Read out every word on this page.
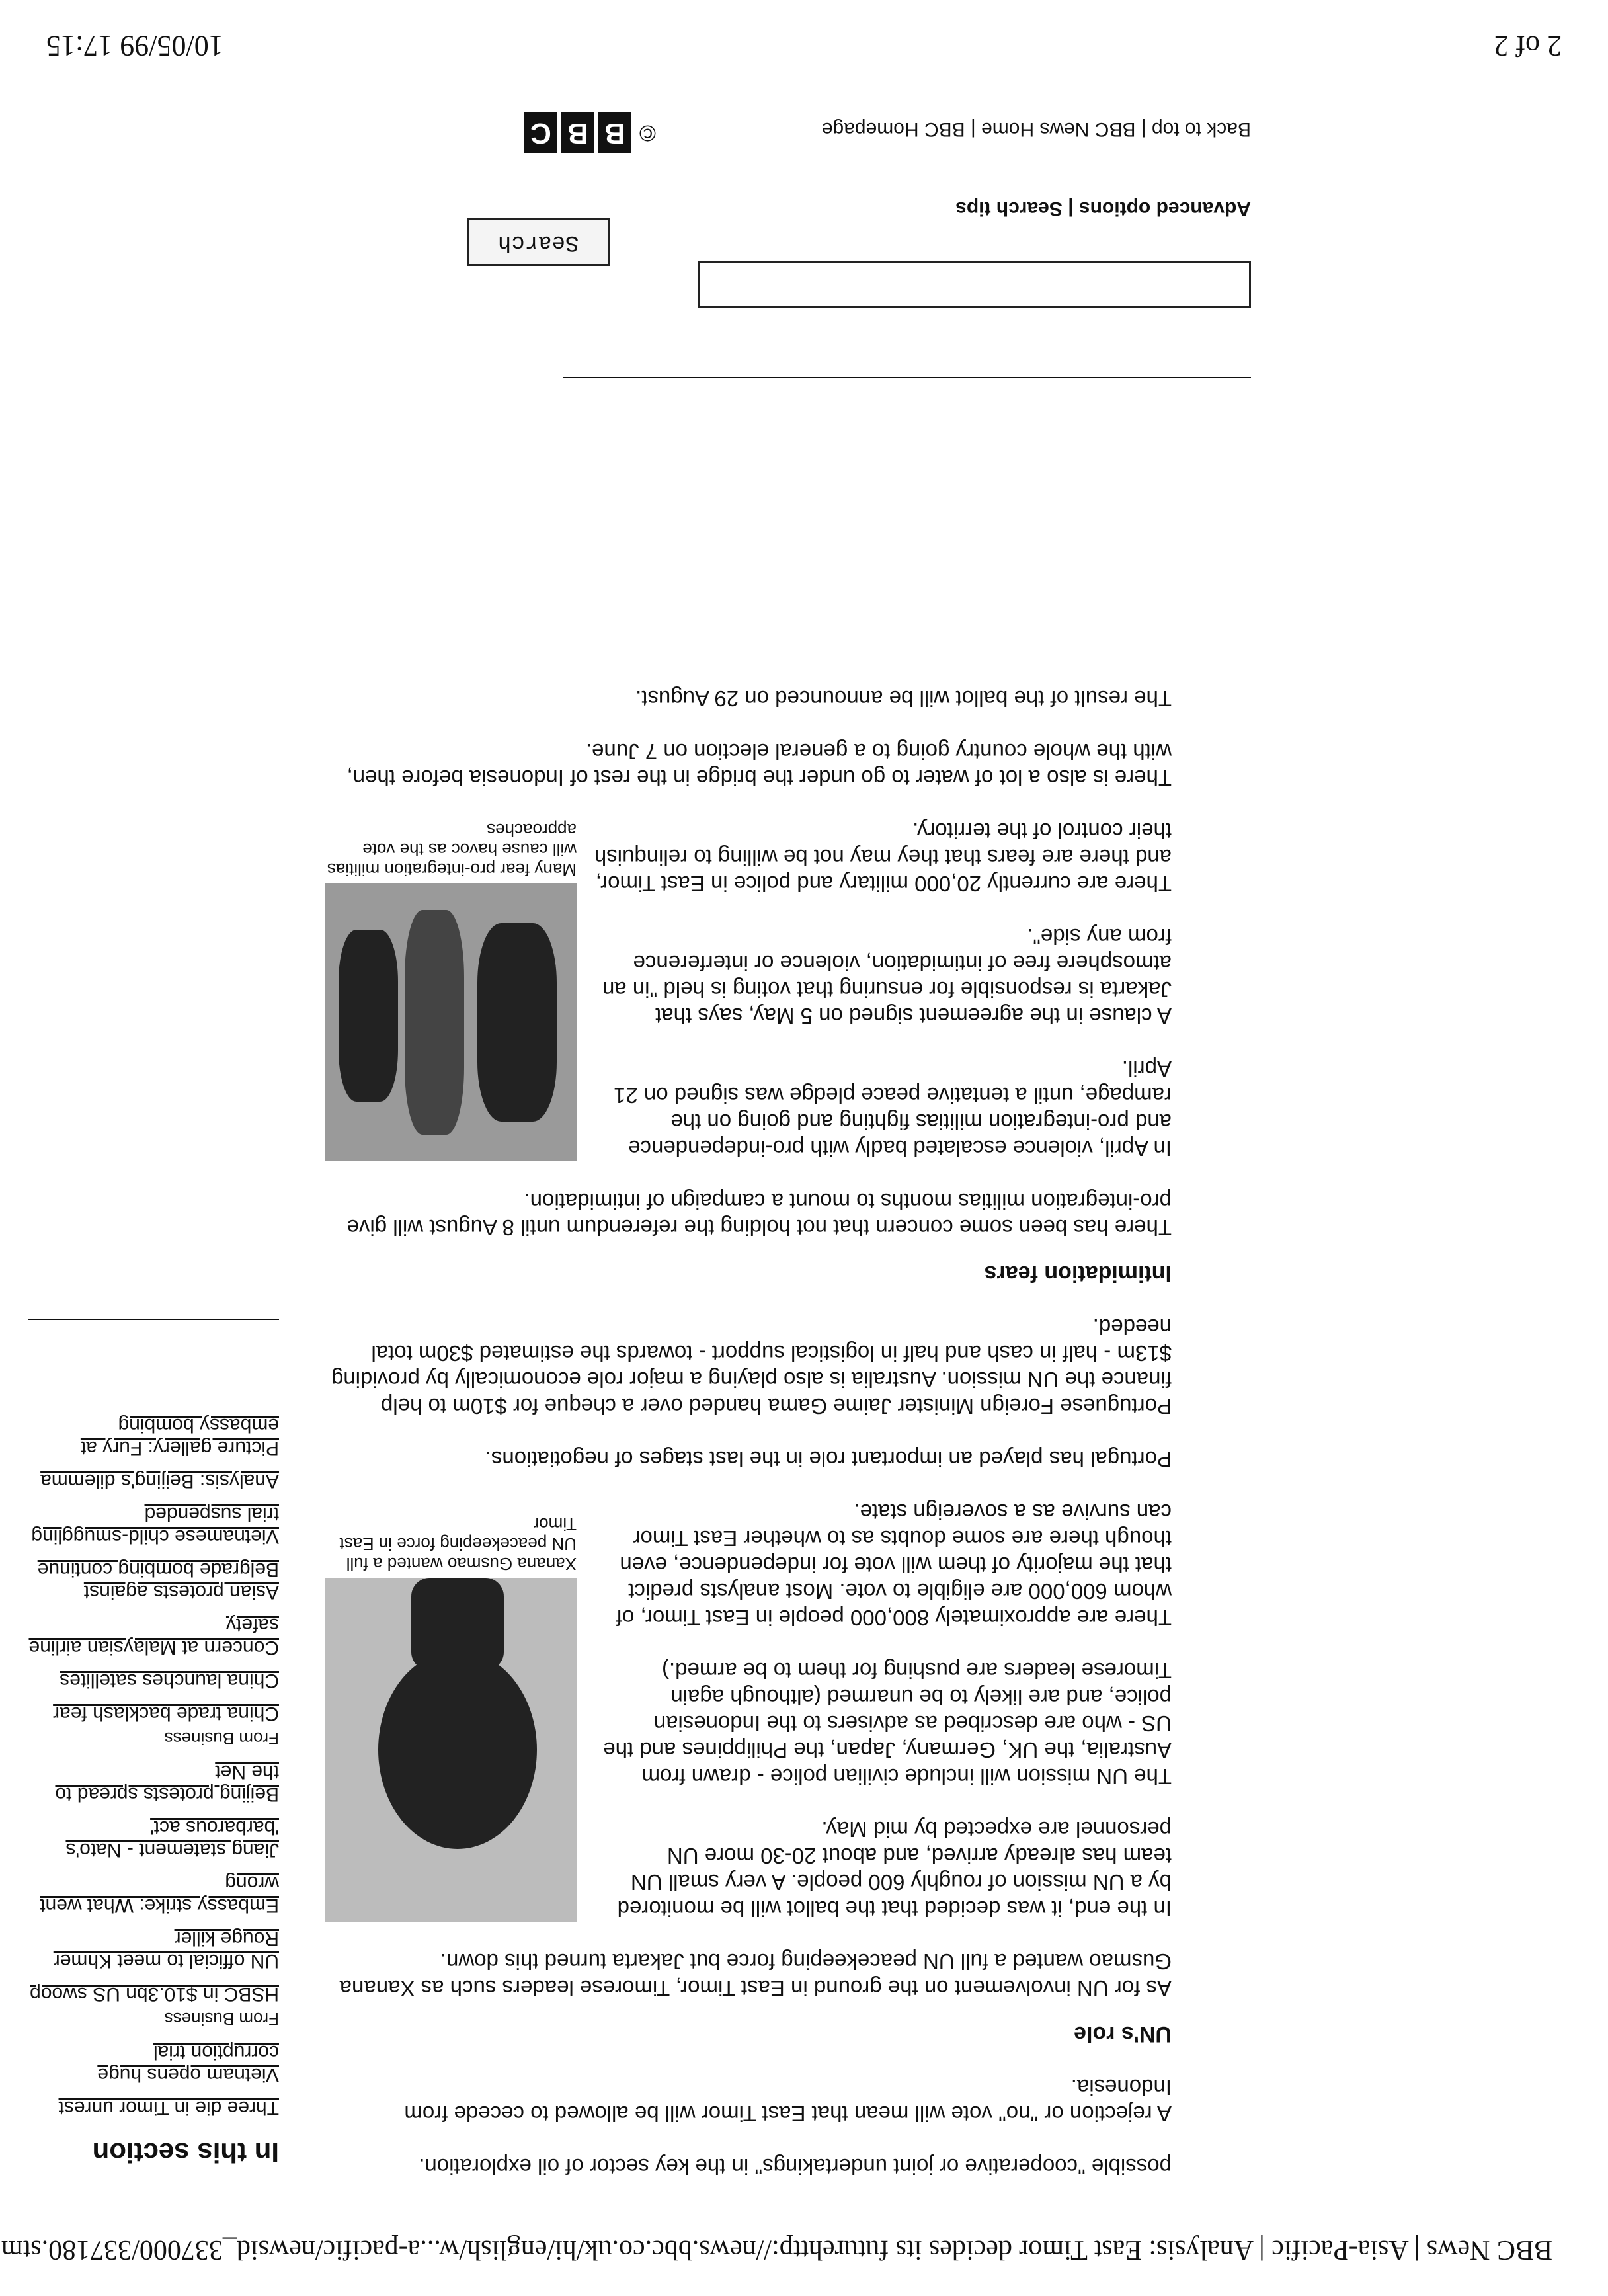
BBC News | Asia-Pacific | Analysis: East Timor decides its futurehttp://news.bbc.co.uk/hi/english/w...a-pacific/newsid_337000/337180.stm

possible "cooperative or joint undertakings" in the key sector of oil exploration.

A rejection or "no" vote will mean that East Timor will be allowed to cecede from Indonesia.

UN's role

As for UN involvement on the ground in East Timor, Timorese leaders such as Xanana Gusmao wanted a full UN peacekeeping force but Jakarta turned this down.

Xanana Gusmao wanted a full UN peacekeeping force in East Timor

In the end, it was decided that the ballot will be monitored by a UN mission of roughly 600 people. A very small UN team has already arrived, and about 20-30 more UN personnel are expected by mid May.

The UN mission will include civilian police - drawn from Australia, the UK, Germany, Japan, the Philippines and the US - who are described as advisers to the Indonesian police, and are likely to be unarmed (although again Timorese leaders are pushing for them to be armed.)

There are approximately 800,000 people in East Timor, of whom 600,000 are eligible to vote. Most analysts predict that the majority of them will vote for independence, even though there are some doubts as to whether East Timor can survive as a sovereign state.

Portugal has played an important role in the last stages of negotiations.

Portuguese Foreign Minister Jaime Gama handed over a cheque for $10m to help finance the UN mission. Australia is also playing a major role economically by providing $13m - half in cash and half in logistical support - towards the estimated $30m total needed.

Intimidation fears

There has been some concern that not holding the referendum until 8 August will give pro-integration militias months to mount a campaign of intimidation.

Many fear pro-integration militias will cause havoc as the vote approaches

In April, violence escalated badly with pro-independence and pro-integration militias fighting and going on the rampage, until a tentative peace pledge was signed on 21 April.

A clause in the agreement signed on 5 May, says that Jakarta is responsible for ensuring that voting is held "in an atmosphere free of intimidation, violence or interference from any side".

There are currently 20,000 military and police in East Timor, and there are fears that they may not be willing to relinquish their control of the territory.

There is also a lot of water to go under the bridge in the rest of Indonesia before then, with the whole country going to a general election on 7 June.

The result of the ballot will be announced on 29 August.

In this section
Three die in Timor unrest
Vietnam opens huge corruption trial
From Business
HSBC in $10.3bn US swoop
UN official to meet Khmer Rouge killer
Embassy strike: What went wrong
Jiang statement - Nato's 'barbarous act'
Beijing protests spread to the Net
From Business
China trade backlash fear
China launches satellites
Concern at Malaysian airline safety
Asian protests against Belgrade bombing continue
Vietnamese child-smuggling trial suspended
Analysis: Beijing's dilemma
Picture gallery: Fury at embassy bombing
Search
Advanced options | Search tips
Back to top | BBC News Home | BBC Homepage
©
B
B
C
2 of 2
10/05/99 17:15
